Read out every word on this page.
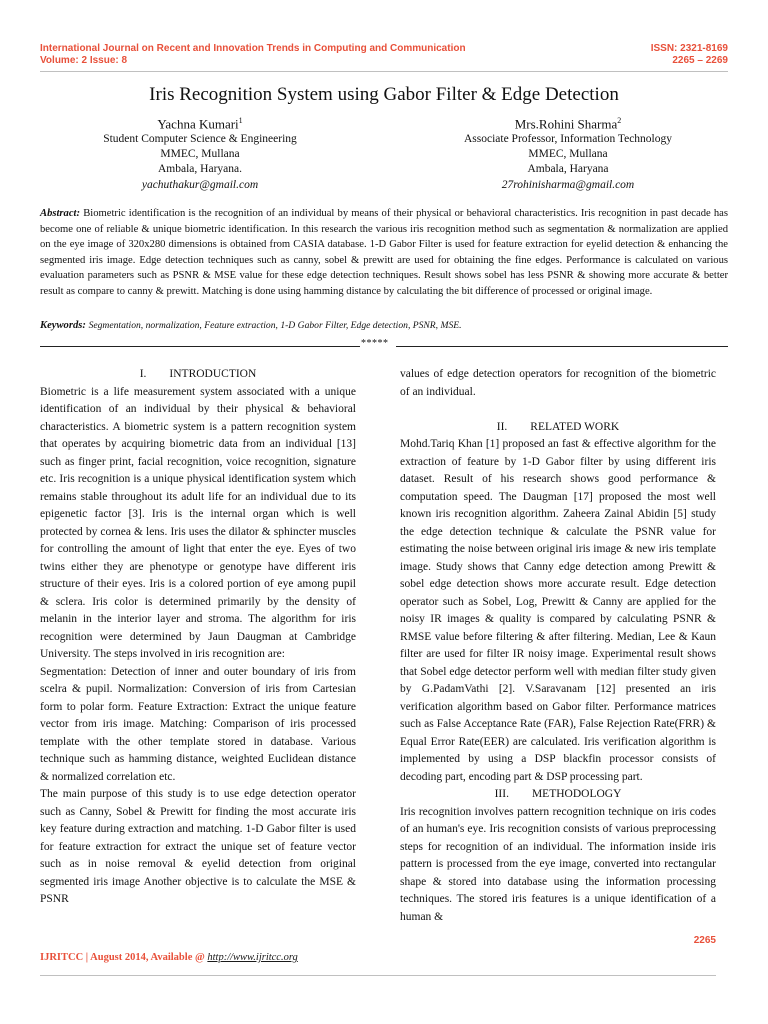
International Journal on Recent and Innovation Trends in Computing and Communication
Volume: 2 Issue: 8
ISSN: 2321-8169
2265 – 2269
Iris Recognition System using Gabor Filter & Edge Detection
Yachna Kumari$^1$
Student Computer Science & Engineering
MMEC, Mullana
Ambala, Haryana.
yachuthakur@gmail.com
Mrs.Rohini Sharma$^2$
Associate Professor, Information Technology
MMEC, Mullana
Ambala, Haryana
27rohinisharma@gmail.com
Abstract: Biometric identification is the recognition of an individual by means of their physical or behavioral characteristics. Iris recognition in past decade has become one of reliable & unique biometric identification. In this research the various iris recognition method such as segmentation & normalization are applied on the eye image of 320x280 dimensions is obtained from CASIA database. 1-D Gabor Filter is used for feature extraction for eyelid detection & enhancing the segmented iris image. Edge detection techniques such as canny, sobel & prewitt are used for obtaining the fine edges. Performance is calculated on various evaluation parameters such as PSNR & MSE value for these edge detection techniques. Result shows sobel has less PSNR & showing more accurate & better result as compare to canny & prewitt. Matching is done using hamming distance by calculating the bit difference of processed or original image.
Keywords: Segmentation, normalization, Feature extraction, 1-D Gabor Filter, Edge detection, PSNR, MSE.
*****

I.        INTRODUCTION

Biometric is a life measurement system associated with a unique identification of an individual by their physical & behavioral characteristics. A biometric system is a pattern recognition system that operates by acquiring biometric data from an individual [13] such as finger print, facial recognition, voice recognition, signature etc. Iris recognition is a unique physical identification system which remains stable throughout its adult life for an individual due to its epigenetic factor [3]. Iris is the internal organ which is well protected by cornea & lens. Iris uses the dilator & sphincter muscles for controlling the amount of light that enter the eye. Eyes of two twins either they are phenotype or genotype have different iris structure of their eyes. Iris is a colored portion of eye among pupil & sclera. Iris color is determined primarily by the density of melanin in the interior layer and stroma. The algorithm for iris recognition were determined by Jaun Daugman at Cambridge University. The steps involved in iris recognition are:

Segmentation: Detection of inner and outer boundary of iris from scelra & pupil. Normalization: Conversion of iris from Cartesian form to polar form. Feature Extraction: Extract the unique feature vector from iris image. Matching: Comparison of iris processed template with the other template stored in database. Various technique such as hamming distance, weighted Euclidean distance & normalized correlation etc.

The main purpose of this study is to use edge detection operator such as Canny, Sobel & Prewitt for finding the most accurate iris key feature during extraction and matching. 1-D Gabor filter is used for feature extraction for extract the unique set of feature vector such as in noise removal & eyelid detection from original segmented iris image Another objective is to calculate the MSE & PSNR

values of edge detection operators for recognition of the biometric of an individual.

II.        RELATED WORK

Mohd.Tariq Khan [1] proposed an fast & effective algorithm for the extraction of feature by 1-D Gabor filter by using different iris dataset. Result of his research shows good performance & computation speed. The Daugman [17] proposed the most well known iris recognition algorithm. Zaheera Zainal Abidin [5] study the edge detection technique & calculate the PSNR value for estimating the noise between original iris image & new iris template image. Study shows that Canny edge detection among Prewitt & sobel edge detection shows more accurate result. Edge detection operator such as Sobel, Log, Prewitt & Canny are applied for the noisy IR images & quality is compared by calculating PSNR & RMSE value before filtering & after filtering. Median, Lee & Kaun filter are used for filter IR noisy image. Experimental result shows that Sobel edge detector perform well with median filter study given by G.PadamVathi [2]. V.Saravanam [12] presented an iris verification algorithm based on Gabor filter. Performance matrices such as False Acceptance Rate (FAR), False Rejection Rate(FRR) & Equal Error Rate(EER) are calculated. Iris verification algorithm is implemented by using a DSP blackfin processor consists of decoding part, encoding part & DSP processing part.

III.        METHODOLOGY

Iris recognition involves pattern recognition technique on iris codes of an human's eye. Iris recognition consists of various preprocessing steps for recognition of an individual. The information inside iris pattern is processed from the eye image, converted into rectangular shape & stored into database using the information processing techniques. The stored iris features is a unique identification of a human &

2265
IJRITCC | August 2014, Available @ http://www.ijritcc.org
